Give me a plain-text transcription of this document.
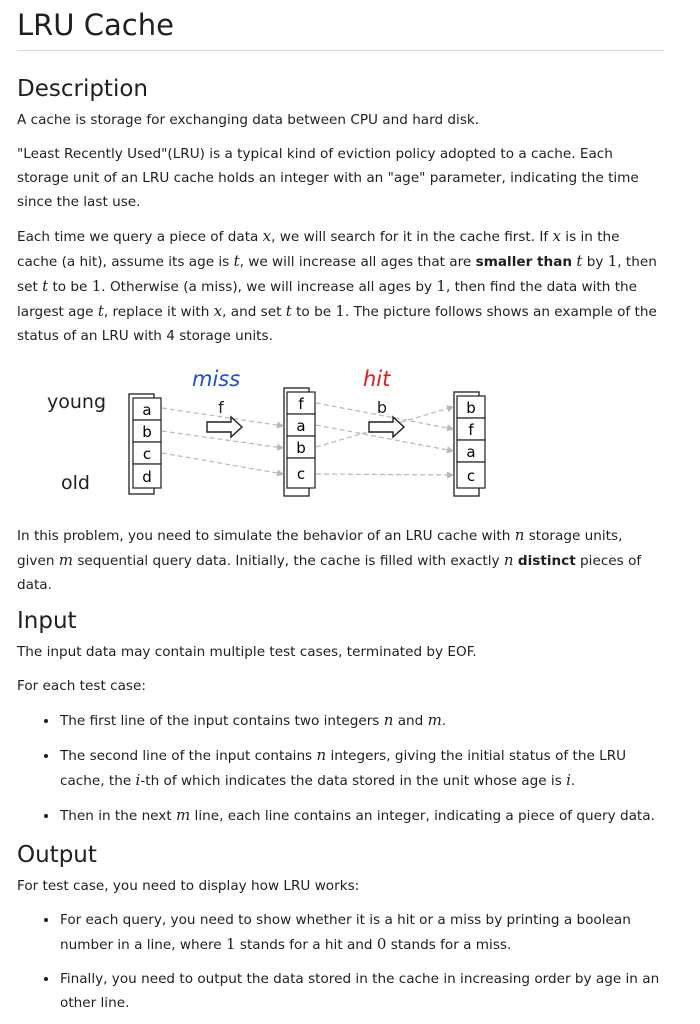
LRU Cache
Description

A cache is storage for exchanging data between CPU and hard disk.

"Least Recently Used"(LRU) is a typical kind of eviction policy adopted to a cache. Each storage unit of an LRU cache holds an integer with an "age" parameter, indicating the time since the last use.

Each time we query a piece of data x, we will search for it in the cache first. If x is in the cache (a hit), assume its age is t, we will increase all ages that are smaller than t by 1, then set t to be 1. Otherwise (a miss), we will increase all ages by 1, then find the data with the largest age t, replace it with x, and set t to be 1. The picture follows shows an example of the status of an LRU with 4 storage units.

young
old
miss	hit
a
b
c
d
f
a
b
c
b
f
a
c
f	b

In this problem, you need to simulate the behavior of an LRU cache with n storage units, given m sequential query data. Initially, the cache is filled with exactly n distinct pieces of data.

Input

The input data may contain multiple test cases, terminated by EOF.

For each test case:

• The first line of the input contains two integers n and m.
• The second line of the input contains n integers, giving the initial status of the LRU cache, the i-th of which indicates the data stored in the unit whose age is i.
• Then in the next m line, each line contains an integer, indicating a piece of query data.
Output

For test case, you need to display how LRU works:

• For each query, you need to show whether it is a hit or a miss by printing a boolean number in a line, where 1 stands for a hit and 0 stands for a miss.
• Finally, you need to output the data stored in the cache in increasing order by age in an other line.
